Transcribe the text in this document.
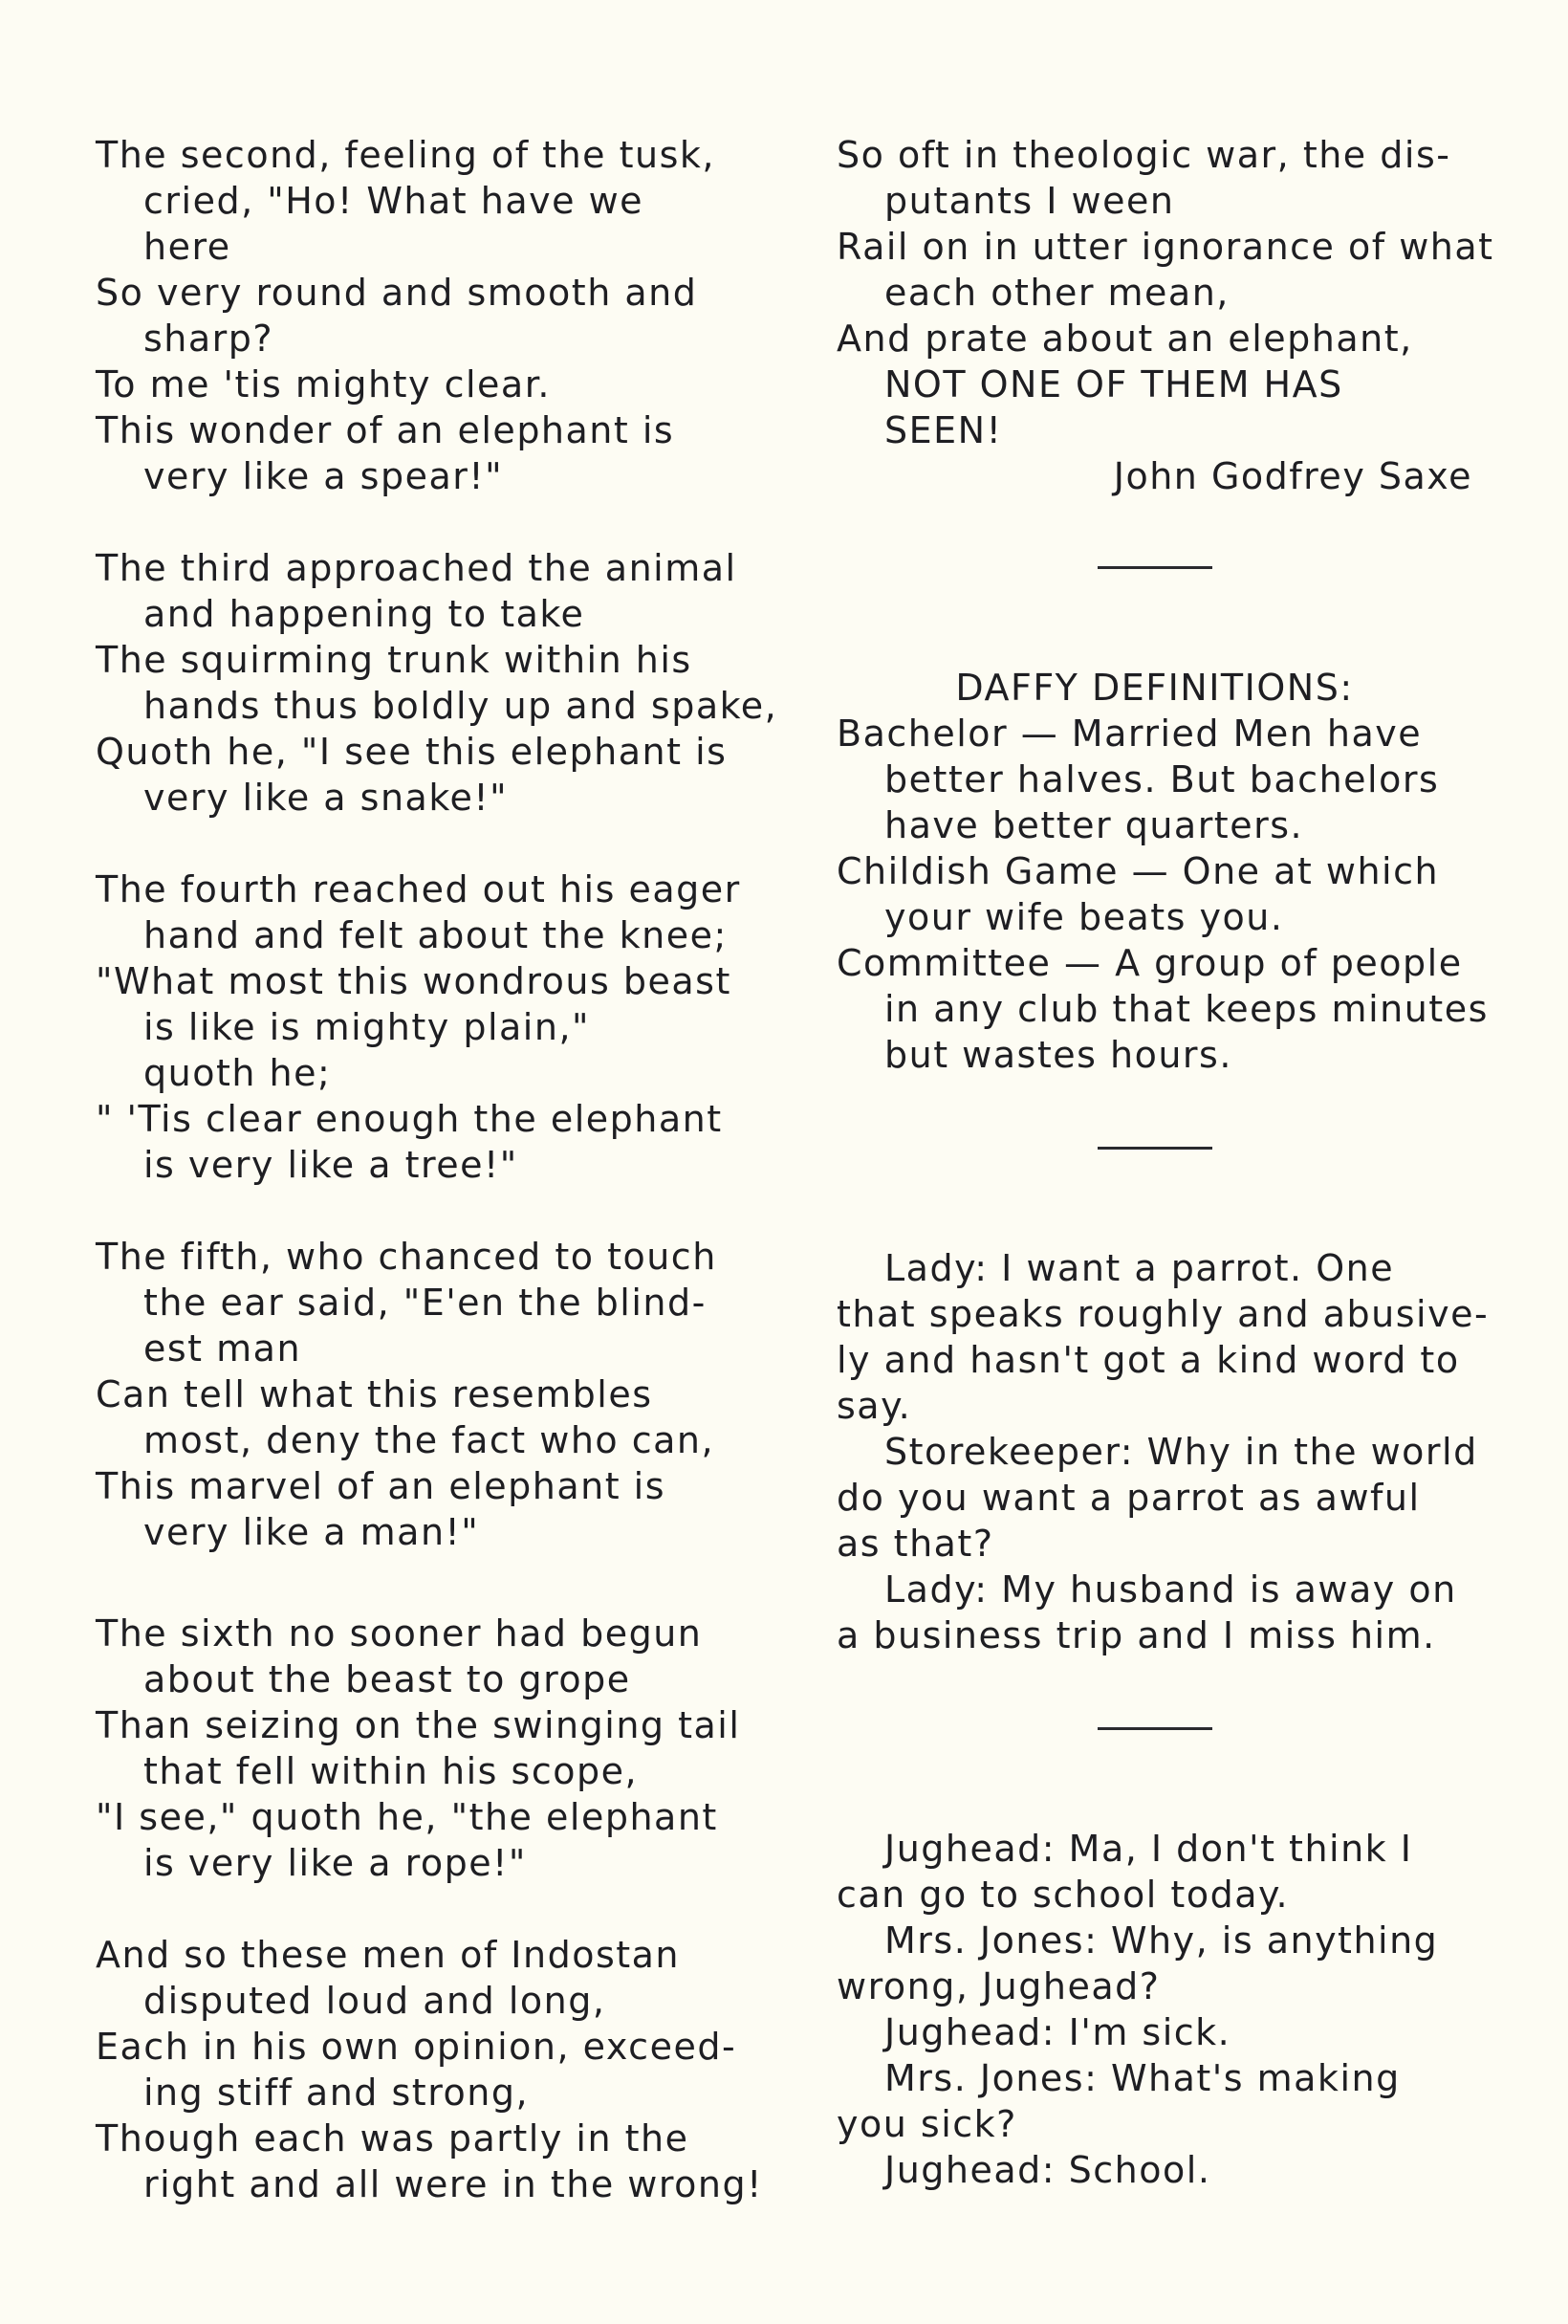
The second, feeling of the tusk,
cried, "Ho! What have we
here
So very round and smooth and
sharp?
To me 'tis mighty clear.
This wonder of an elephant is
very like a spear!"
The third approached the animal
and happening to take
The squirming trunk within his
hands thus boldly up and spake,
Quoth he, "I see this elephant is
very like a snake!"
The fourth reached out his eager
hand and felt about the knee;
"What most this wondrous beast
is like is mighty plain,"
quoth he;
" 'Tis clear enough the elephant
is very like a tree!"
The fifth, who chanced to touch
the ear said, "E'en the blind-
est man
Can tell what this resembles
most, deny the fact who can,
This marvel of an elephant is
very like a man!"
The sixth no sooner had begun
about the beast to grope
Than seizing on the swinging tail
that fell within his scope,
"I see," quoth he, "the elephant
is very like a rope!"
And so these men of Indostan
disputed loud and long,
Each in his own opinion, exceed-
ing stiff and strong,
Though each was partly in the
right and all were in the wrong!
So oft in theologic war, the dis-
putants I ween
Rail on in utter ignorance of what
each other mean,
And prate about an elephant,
NOT ONE OF THEM HAS
SEEN!
John Godfrey Saxe
DAFFY DEFINITIONS:
Bachelor — Married Men have
better halves. But bachelors
have better quarters.
Childish Game — One at which
your wife beats you.
Committee — A group of people
in any club that keeps minutes
but wastes hours.
Lady: I want a parrot. One
that speaks roughly and abusive-
ly and hasn't got a kind word to
say.
Storekeeper: Why in the world
do you want a parrot as awful
as that?
Lady: My husband is away on
a business trip and I miss him.
Jughead: Ma, I don't think I
can go to school today.
Mrs. Jones: Why, is anything
wrong, Jughead?
Jughead: I'm sick.
Mrs. Jones: What's making
you sick?
Jughead: School.
